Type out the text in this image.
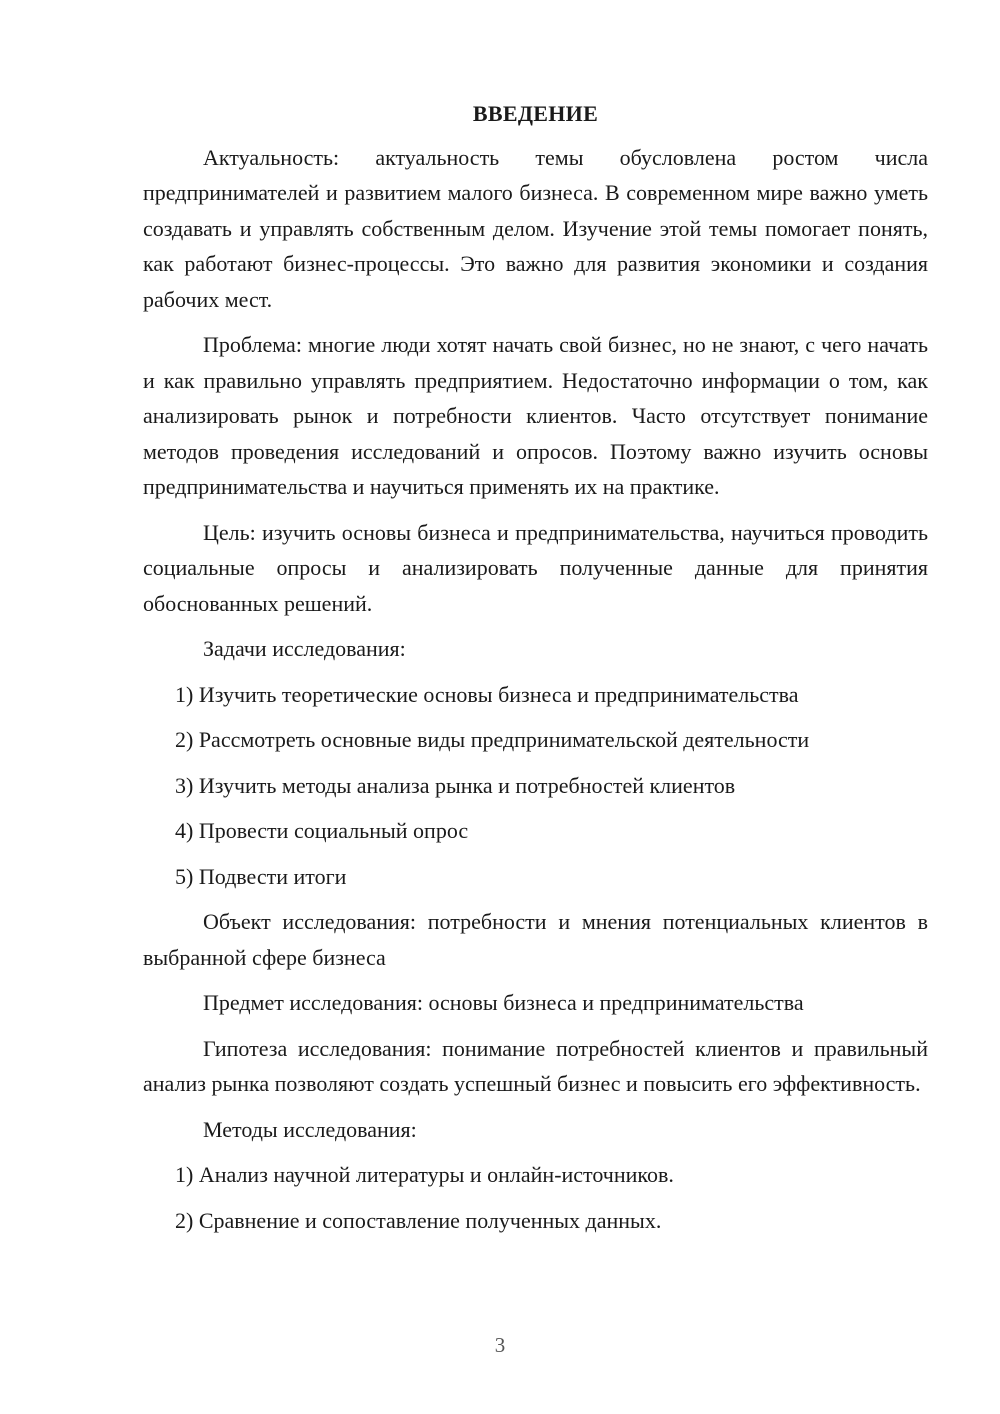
ВВЕДЕНИЕ

Актуальность: актуальность темы обусловлена ростом числа предпринимателей и развитием малого бизнеса. В современном мире важно уметь создавать и управлять собственным делом. Изучение этой темы помогает понять, как работают бизнес-процессы. Это важно для развития экономики и создания рабочих мест.

Проблема: многие люди хотят начать свой бизнес, но не знают, с чего начать и как правильно управлять предприятием. Недостаточно информации о том, как анализировать рынок и потребности клиентов. Часто отсутствует понимание методов проведения исследований и опросов. Поэтому важно изучить основы предпринимательства и научиться применять их на практике.

Цель: изучить основы бизнеса и предпринимательства, научиться проводить социальные опросы и анализировать полученные данные для принятия обоснованных решений.

Задачи исследования:

1) Изучить теоретические основы бизнеса и предпринимательства
2) Рассмотреть основные виды предпринимательской деятельности
3) Изучить методы анализа рынка и потребностей клиентов
4) Провести социальный опрос
5) Подвести итоги

Объект исследования: потребности и мнения потенциальных клиентов в выбранной сфере бизнеса

Предмет исследования: основы бизнеса и предпринимательства

Гипотеза исследования: понимание потребностей клиентов и правильный анализ рынка позволяют создать успешный бизнес и повысить его эффективность.

Методы исследования:

1) Анализ научной литературы и онлайн-источников.
2) Сравнение и сопоставление полученных данных.
3
